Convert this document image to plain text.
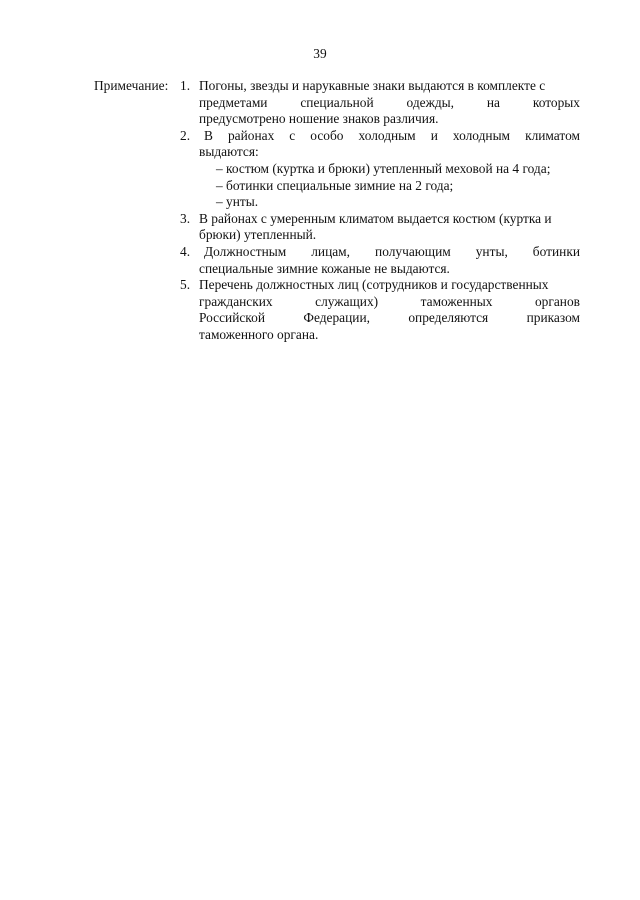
39
Примечание: 1. Погоны, звезды и нарукавные знаки выдаются в комплекте с
предметами специальной одежды, на которых
предусмотрено ношение знаков различия.
2.	В районах с особо холодным и холодным климатом
выдаются:
– костюм (куртка и брюки) утепленный меховой на 4 года;
– ботинки специальные зимние на 2 года;
– унты.
3. В районах с умеренным климатом выдается костюм (куртка и
брюки) утепленный.
4.	Должностным лицам, получающим унты, ботинки
специальные зимние кожаные не выдаются.
5. Перечень должностных лиц (сотрудников и государственных
гражданских служащих) таможенных органов
Российской Федерации, определяются приказом
таможенного органа.
